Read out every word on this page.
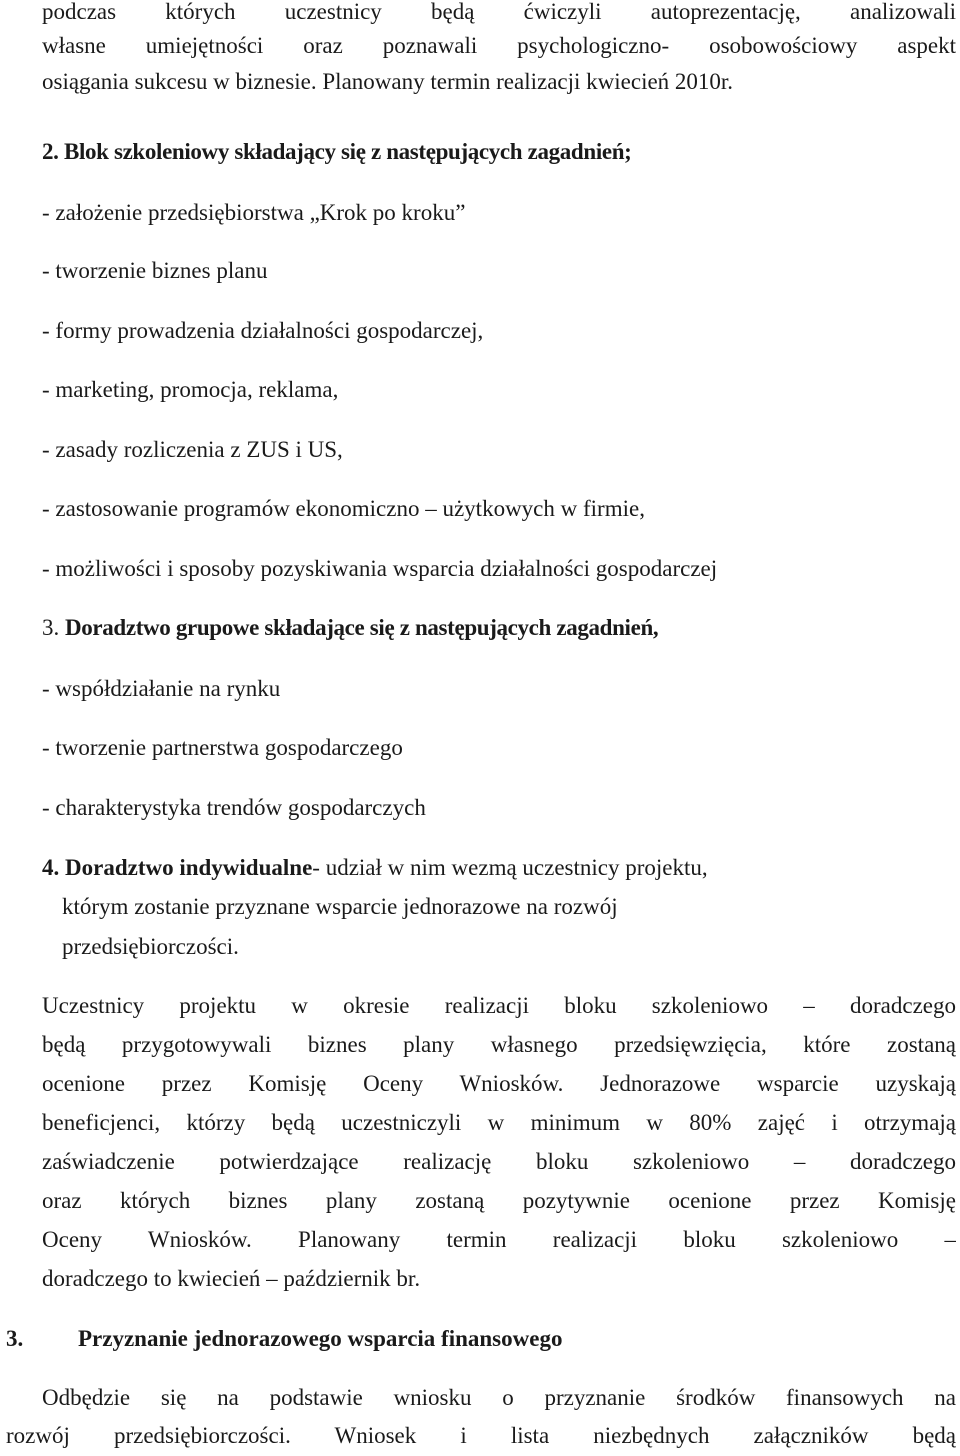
podczas których uczestnicy będą ćwiczyli autoprezentację, analizowali
własne umiejętności oraz poznawali psychologiczno- osobowościowy aspekt
osiągania sukcesu w biznesie. Planowany termin realizacji kwiecień 2010r.
2. Blok szkoleniowy składający się z następujących zagadnień;
- założenie przedsiębiorstwa „Krok po kroku”
- tworzenie biznes planu
- formy prowadzenia działalności gospodarczej,
- marketing, promocja, reklama,
- zasady rozliczenia z ZUS i US,
- zastosowanie programów ekonomiczno – użytkowych w firmie,
- możliwości i sposoby pozyskiwania wsparcia działalności gospodarczej
3. Doradztwo grupowe składające się z następujących zagadnień,
- współdziałanie na rynku
- tworzenie partnerstwa gospodarczego
- charakterystyka trendów gospodarczych
4. Doradztwo indywidualne- udział w nim wezmą uczestnicy projektu,
którym zostanie przyznane wsparcie jednorazowe na rozwój
przedsiębiorczości.
Uczestnicy projektu w okresie realizacji bloku szkoleniowo – doradczego
będą przygotowywali biznes plany własnego przedsięwzięcia, które zostaną
ocenione przez Komisję Oceny Wniosków. Jednorazowe wsparcie uzyskają
beneficjenci, którzy będą uczestniczyli w minimum w 80% zajęć i otrzymają
zaświadczenie potwierdzające realizację bloku szkoleniowo – doradczego
oraz których biznes plany zostaną pozytywnie ocenione przez Komisję
Oceny Wniosków. Planowany termin realizacji bloku szkoleniowo –
doradczego to kwiecień – październik br.
3. Przyznanie jednorazowego wsparcia finansowego
Odbędzie się na podstawie wniosku o przyznanie środków finansowych na
rozwój przedsiębiorczości. Wniosek i lista niezbędnych załączników będą
